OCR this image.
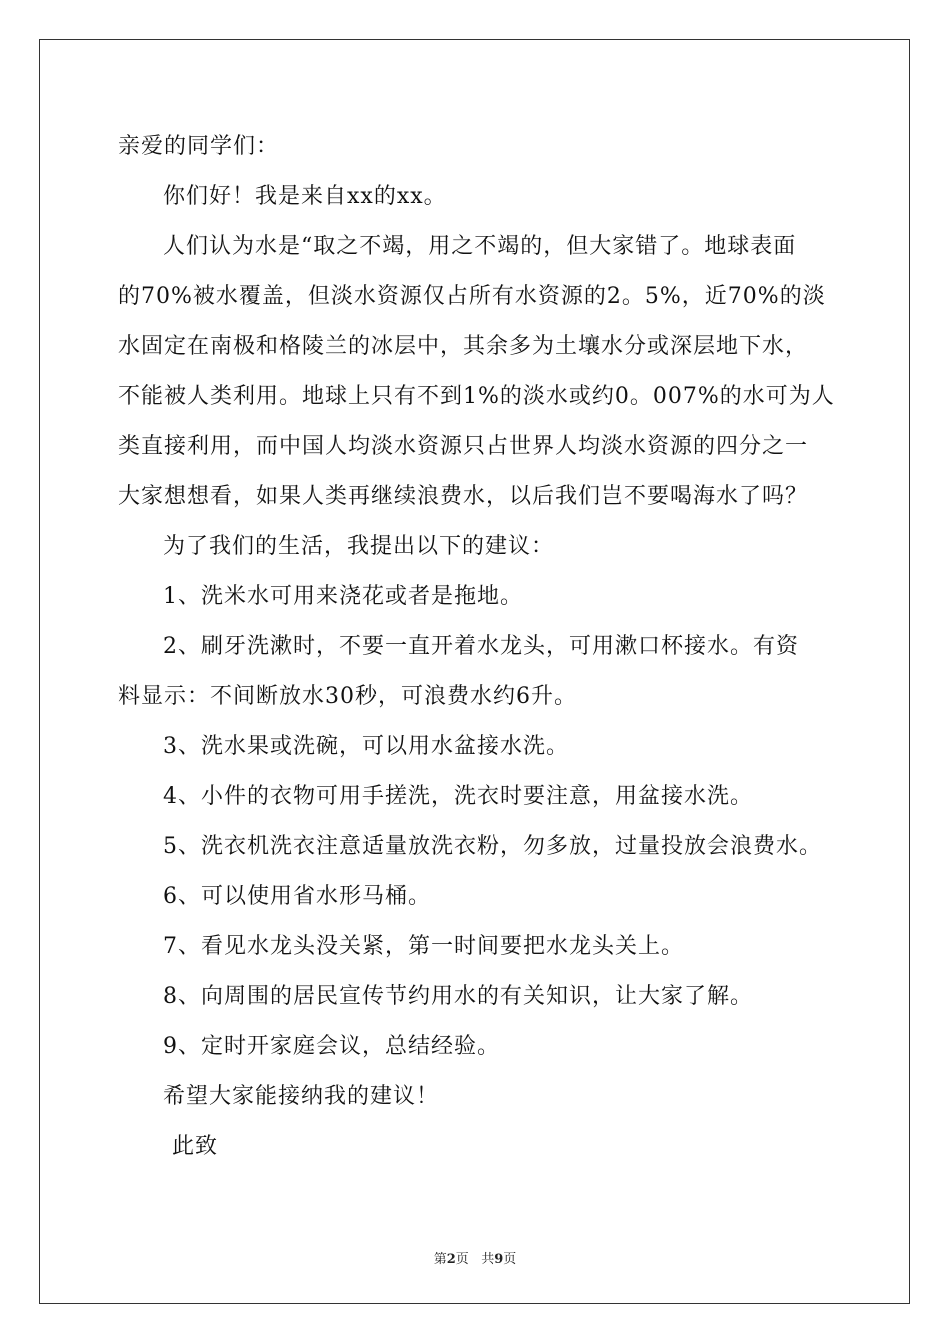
亲爱的同学们：
你们好！我是来自xx的xx。
人们认为水是“取之不竭，用之不竭的，但大家错了。地球表面
的70%被水覆盖，但淡水资源仅占所有水资源的2。5%，近70%的淡
水固定在南极和格陵兰的冰层中，其余多为土壤水分或深层地下水，
不能被人类利用。地球上只有不到1%的淡水或约0。007%的水可为人
类直接利用，而中国人均淡水资源只占世界人均淡水资源的四分之一
大家想想看，如果人类再继续浪费水，以后我们岂不要喝海水了吗？
为了我们的生活，我提出以下的建议：
1、洗米水可用来浇花或者是拖地。
2、刷牙洗漱时，不要一直开着水龙头，可用漱口杯接水。有资
料显示：不间断放水30秒，可浪费水约6升。
3、洗水果或洗碗，可以用水盆接水洗。
4、小件的衣物可用手搓洗，洗衣时要注意，用盆接水洗。
5、洗衣机洗衣注意适量放洗衣粉，勿多放，过量投放会浪费水。
6、可以使用省水形马桶。
7、看见水龙头没关紧，第一时间要把水龙头关上。
8、向周围的居民宣传节约用水的有关知识，让大家了解。
9、定时开家庭会议，总结经验。
希望大家能接纳我的建议！
此致
第2页 共9页
